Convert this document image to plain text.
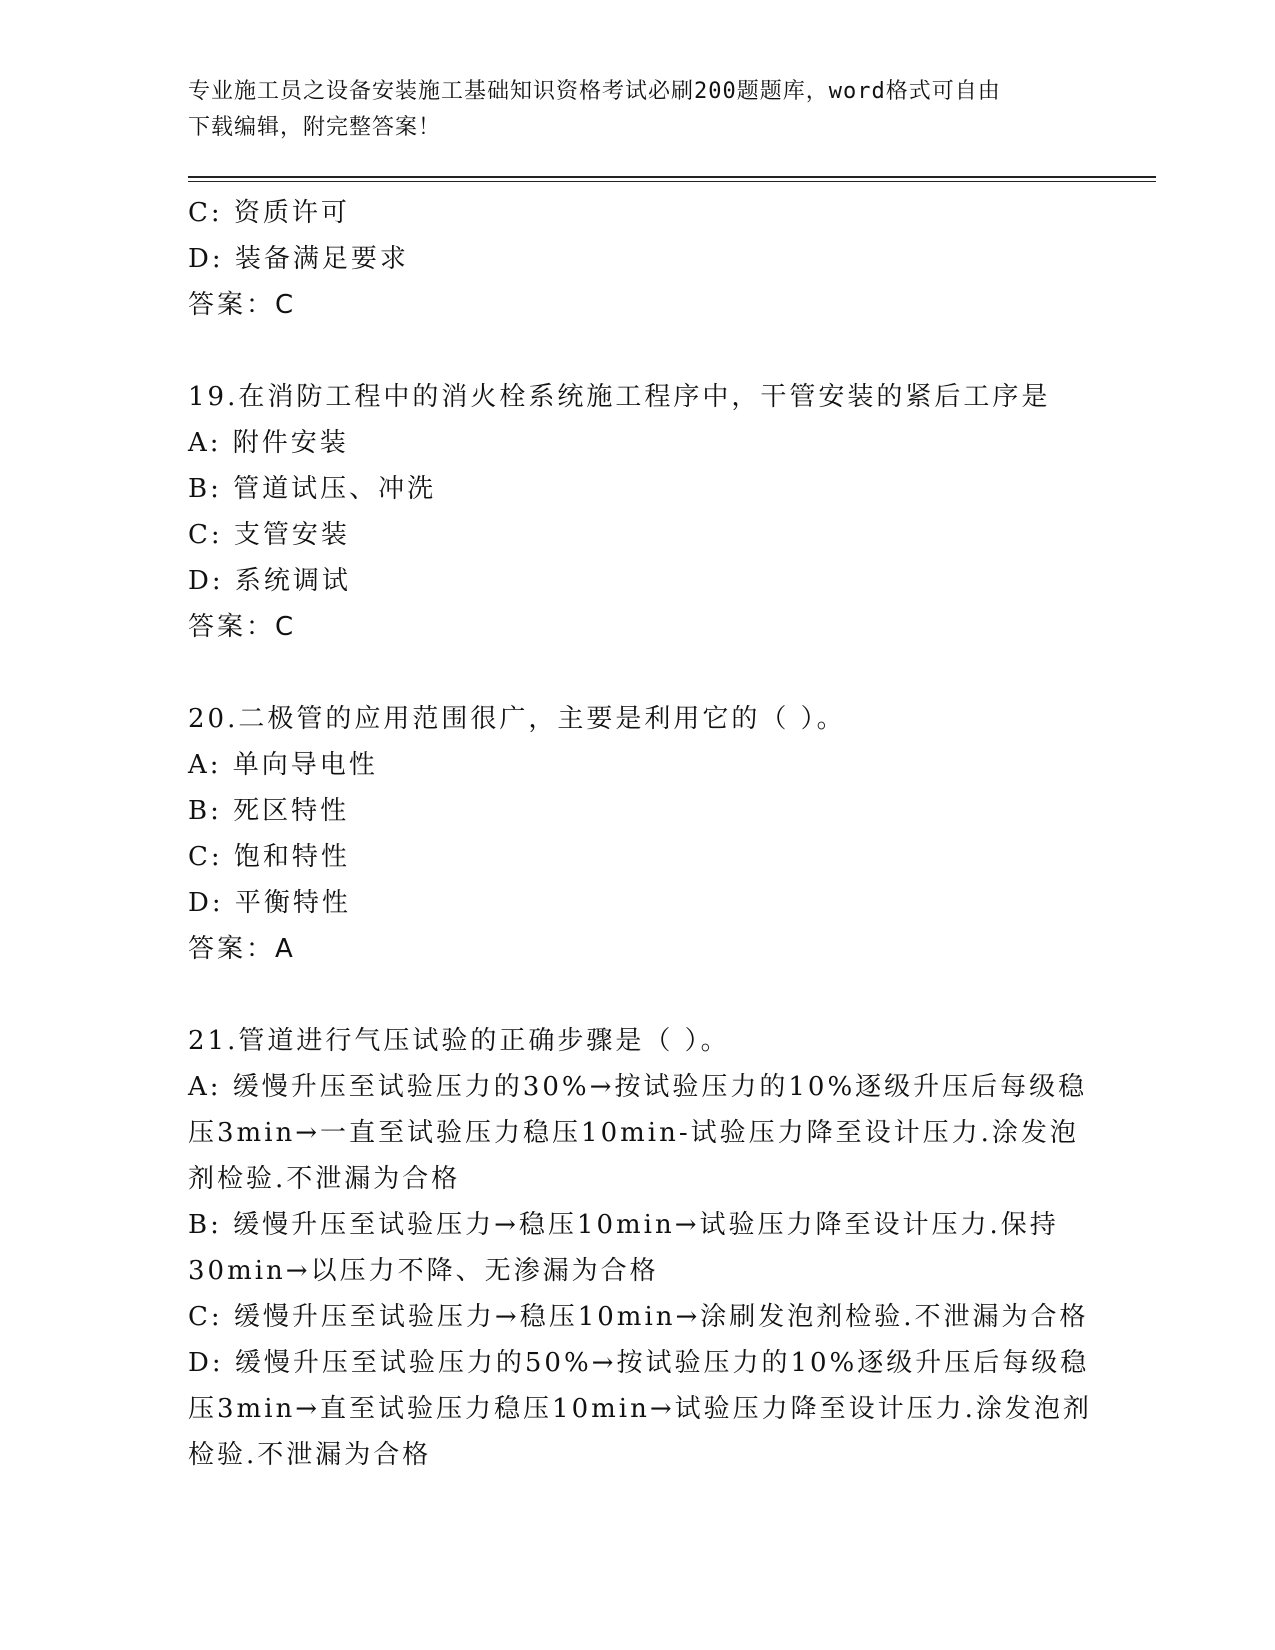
专业施工员之设备安装施工基础知识资格考试必刷200题题库，word格式可自由
下载编辑，附完整答案！
C: 资质许可
D: 装备满足要求
答案：C
19.在消防工程中的消火栓系统施工程序中，干管安装的紧后工序是
A: 附件安装
B: 管道试压、冲洗
C: 支管安装
D: 系统调试
答案：C
20.二极管的应用范围很广，主要是利用它的（ ）。
A: 单向导电性
B: 死区特性
C: 饱和特性
D: 平衡特性
答案：A
21.管道进行气压试验的正确步骤是（ ）。
A: 缓慢升压至试验压力的30%→按试验压力的10%逐级升压后每级稳
压3min→一直至试验压力稳压10min-试验压力降至设计压力.涂发泡
剂检验.不泄漏为合格
B: 缓慢升压至试验压力→稳压10min→试验压力降至设计压力.保持
30min→以压力不降、无渗漏为合格
C: 缓慢升压至试验压力→稳压10min→涂刷发泡剂检验.不泄漏为合格
D: 缓慢升压至试验压力的50%→按试验压力的10%逐级升压后每级稳
压3min→直至试验压力稳压10min→试验压力降至设计压力.涂发泡剂
检验.不泄漏为合格
